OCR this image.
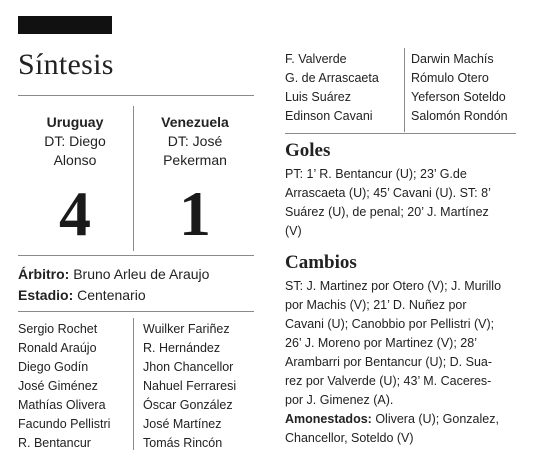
Síntesis
Uruguay
DT: Diego
Alonso
Venezuela
DT: José
Pekerman
4	1
Árbitro: Bruno Arleu de Araujo
Estadio: Centenario
Sergio Rochet
Ronald Araújo
Diego Godín
José Giménez
Mathías Olivera
Facundo Pellistri
R. Bentancur
Wuilker Fariñez
R. Hernández
Jhon Chancellor
Nahuel Ferraresi
Óscar González
José Martínez
Tomás Rincón
F. Valverde
G. de Arrascaeta
Luis Suárez
Edinson Cavani
Darwin Machís
Rómulo Otero
Yeferson Soteldo
Salomón Rondón
Goles
PT: 1’ R. Bentancur (U); 23’ G.de
Arrascaeta (U); 45’ Cavani (U). ST: 8’
Suárez (U), de penal; 20’ J. Martínez
(V)
Cambios
ST: J. Martinez por Otero (V); J. Murillo
por Machis (V); 21’ D. Nuñez por
Cavani (U); Canobbio por Pellistri (V);
26’ J. Moreno por Martinez (V); 28’
Arambarri por Bentancur (U); D. Sua-
rez por Valverde (U); 43’ M. Caceres-
por J. Gimenez (A).
Amonestados: Olivera (U); Gonzalez,
Chancellor, Soteldo (V)
